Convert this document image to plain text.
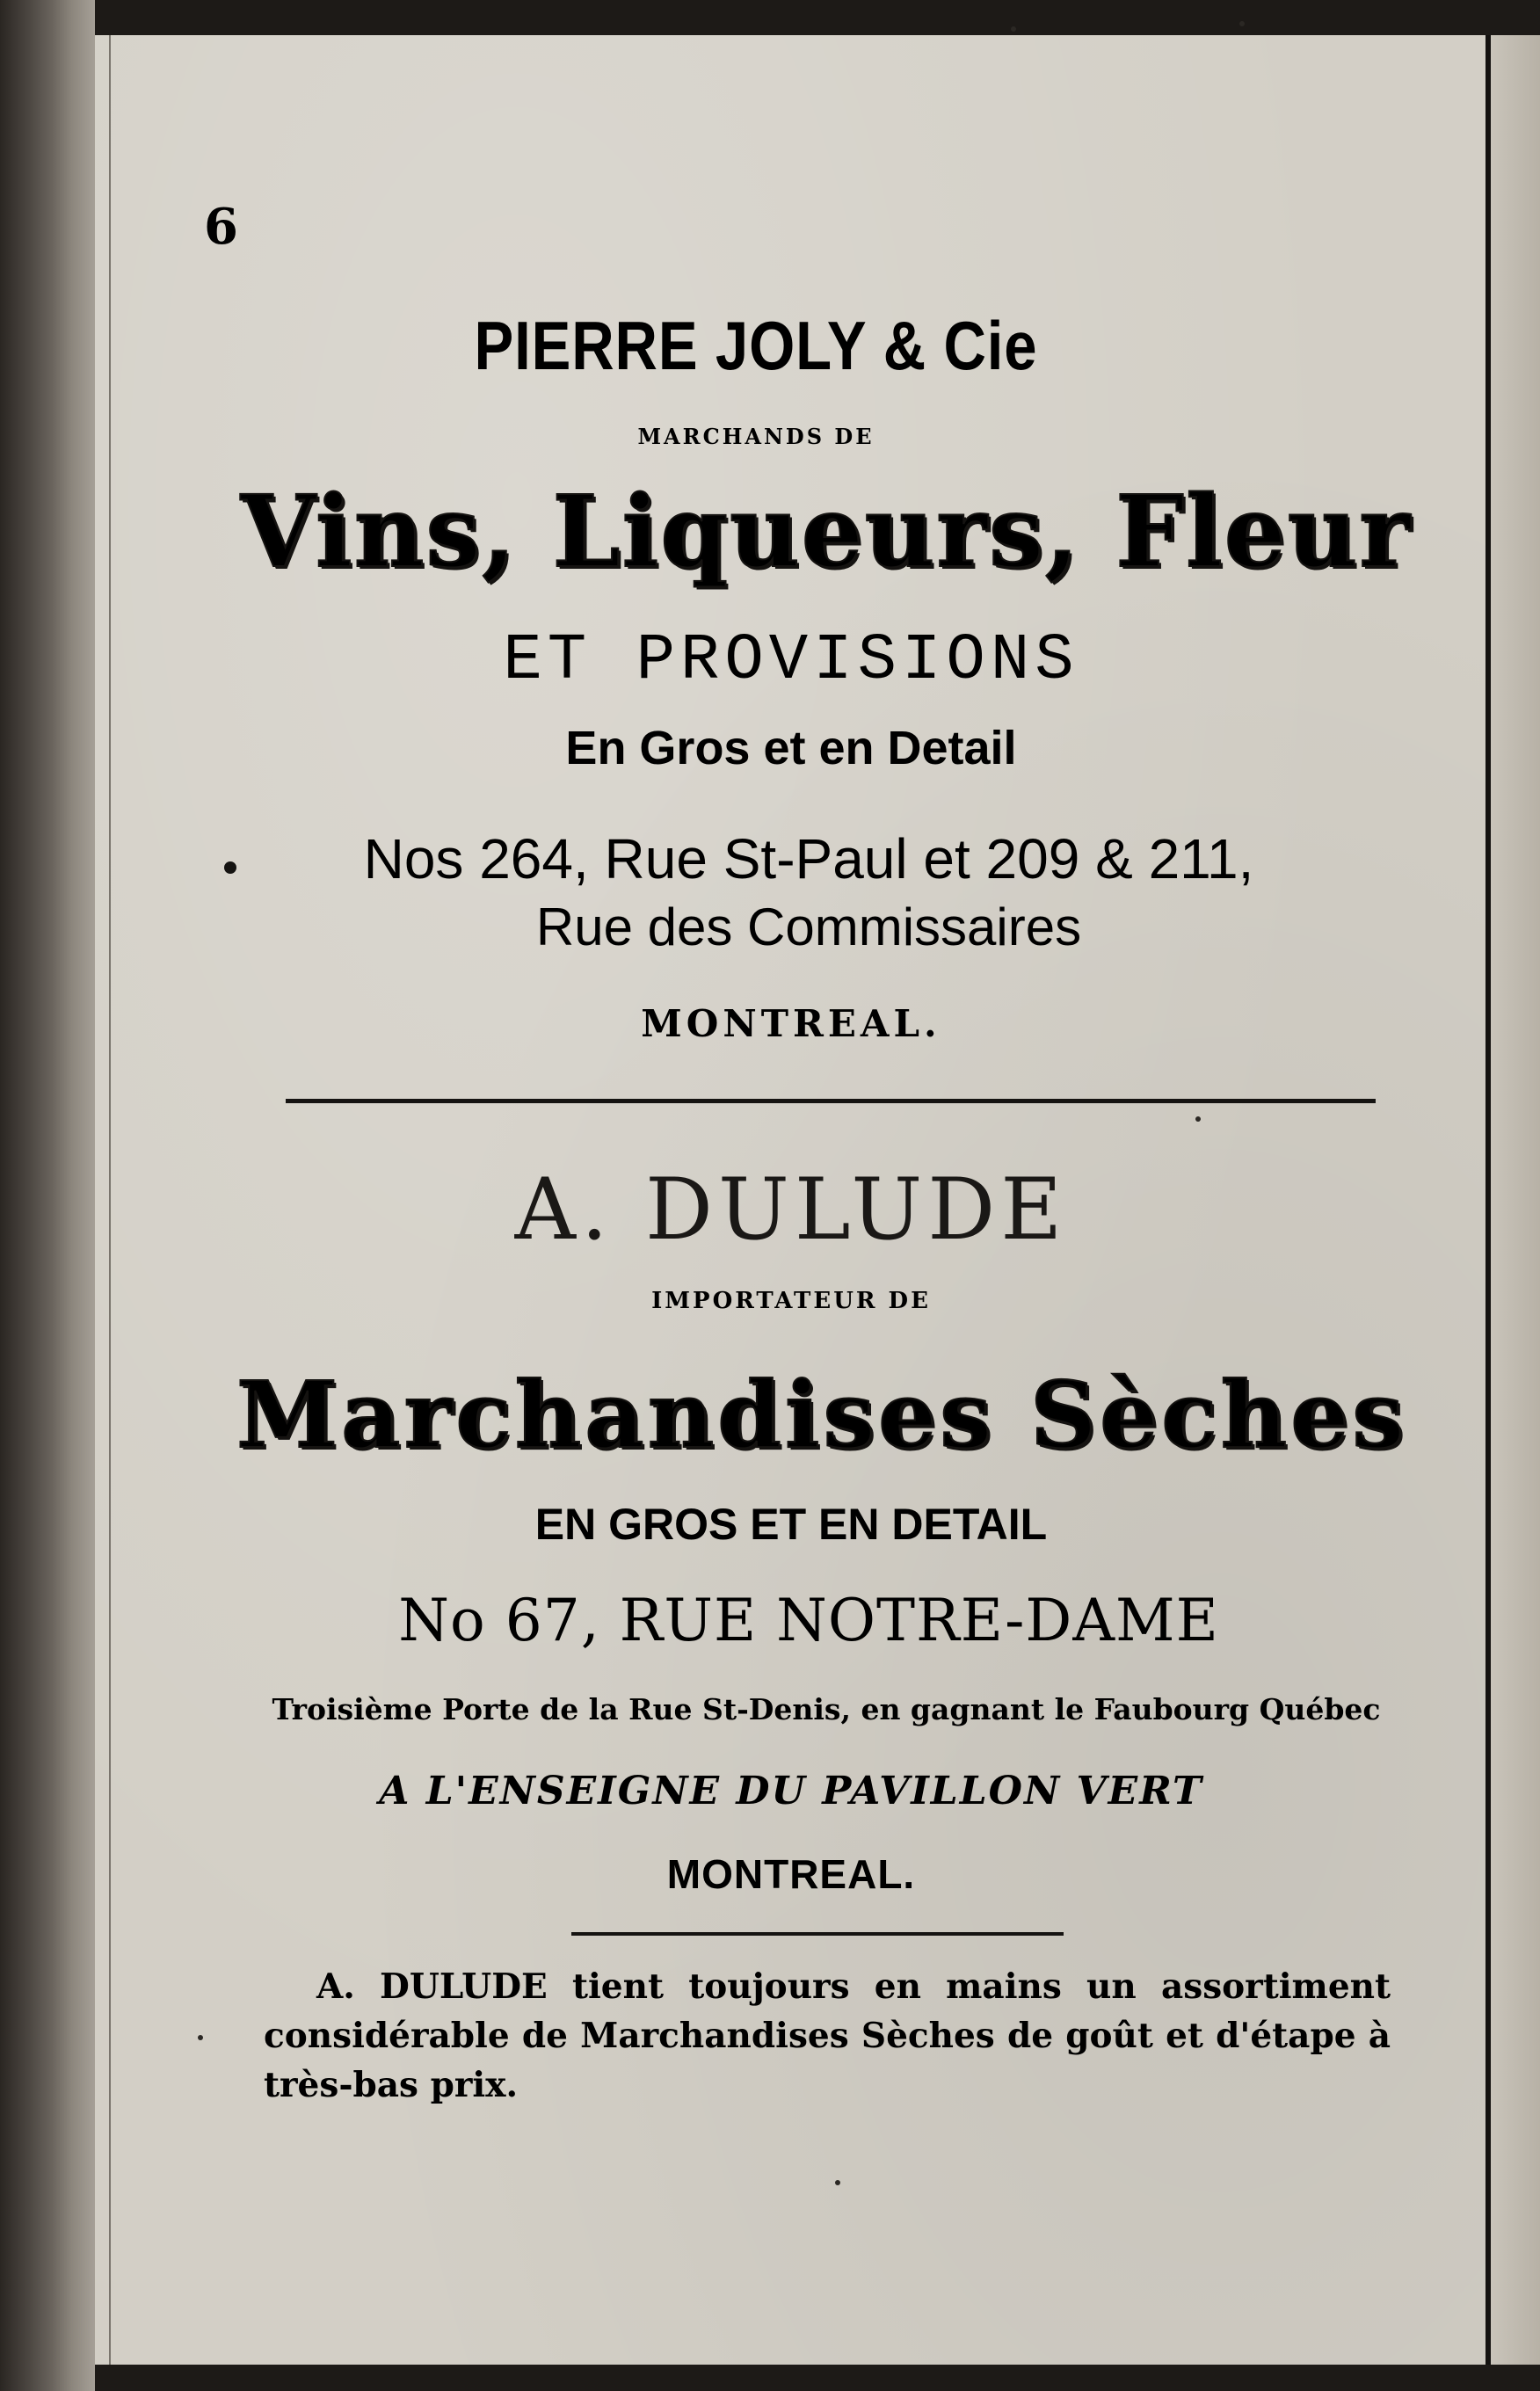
6

PIERRE JOLY & Cie

MARCHANDS DE

Vins, Liqueurs, Fleur

ET PROVISIONS

En Gros et en Detail

Nos 264, Rue St-Paul et 209 & 211,

Rue des Commissaires

MONTREAL.

A. DULUDE

IMPORTATEUR DE

Marchandises Sèches

EN GROS ET EN DETAIL

No 67, RUE NOTRE-DAME

Troisième Porte de la Rue St-Denis, en gagnant le Faubourg Québec

A L'ENSEIGNE DU PAVILLON VERT

MONTREAL.

A. DULUDE tient toujours en mains un assortiment considérable de Marchandises Sèches de goût et d'étape à très-bas prix.
